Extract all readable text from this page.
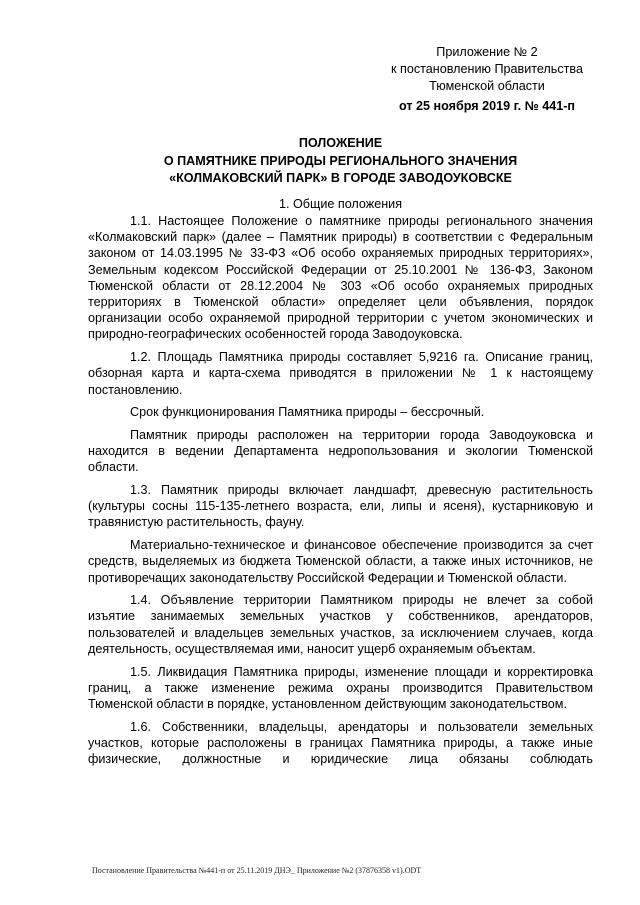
Приложение № 2
к постановлению Правительства
Тюменской области
от 25 ноября 2019 г. № 441-п
ПОЛОЖЕНИЕ
О ПАМЯТНИКЕ ПРИРОДЫ РЕГИОНАЛЬНОГО ЗНАЧЕНИЯ
«КОЛМАКОВСКИЙ ПАРК» В ГОРОДЕ ЗАВОДОУКОВСКЕ
1. Общие положения

1.1. Настоящее Положение о памятнике природы регионального значения «Колмаковский парк» (далее – Памятник природы) в соответствии с Федеральным законом от 14.03.1995 № 33-ФЗ «Об особо охраняемых природных территориях», Земельным кодексом Российской Федерации от 25.10.2001 № 136-ФЗ, Законом Тюменской области от 28.12.2004 № 303 «Об особо охраняемых природных территориях в Тюменской области» определяет цели объявления, порядок организации особо охраняемой природной территории с учетом экономических и природно-географических особенностей города Заводоуковска.

1.2. Площадь Памятника природы составляет 5,9216 га. Описание границ, обзорная карта и карта-схема приводятся в приложении № 1 к настоящему постановлению.

Срок функционирования Памятника природы – бессрочный.

Памятник природы расположен на территории города Заводоуковска и находится в ведении Департамента недропользования и экологии Тюменской области.

1.3. Памятник природы включает ландшафт, древесную растительность (культуры сосны 115-135-летнего возраста, ели, липы и ясеня), кустарниковую и травянистую растительность, фауну.

Материально-техническое и финансовое обеспечение производится за счет средств, выделяемых из бюджета Тюменской области, а также иных источников, не противоречащих законодательству Российской Федерации и Тюменской области.

1.4. Объявление территории Памятником природы не влечет за собой изъятие занимаемых земельных участков у собственников, арендаторов, пользователей и владельцев земельных участков, за исключением случаев, когда деятельность, осуществляемая ими, наносит ущерб охраняемым объектам.

1.5. Ликвидация Памятника природы, изменение площади и корректировка границ, а также изменение режима охраны производится Правительством Тюменской области в порядке, установленном действующим законодательством.

1.6. Собственники, владельцы, арендаторы и пользователи земельных участков, которые расположены в границах Памятника природы, а также иные физические, должностные и юридические лица обязаны соблюдать

Постановление Правительства №441-п от 25.11.2019 ДНЭ_ Приложение №2 (37876358 v1).ODT
